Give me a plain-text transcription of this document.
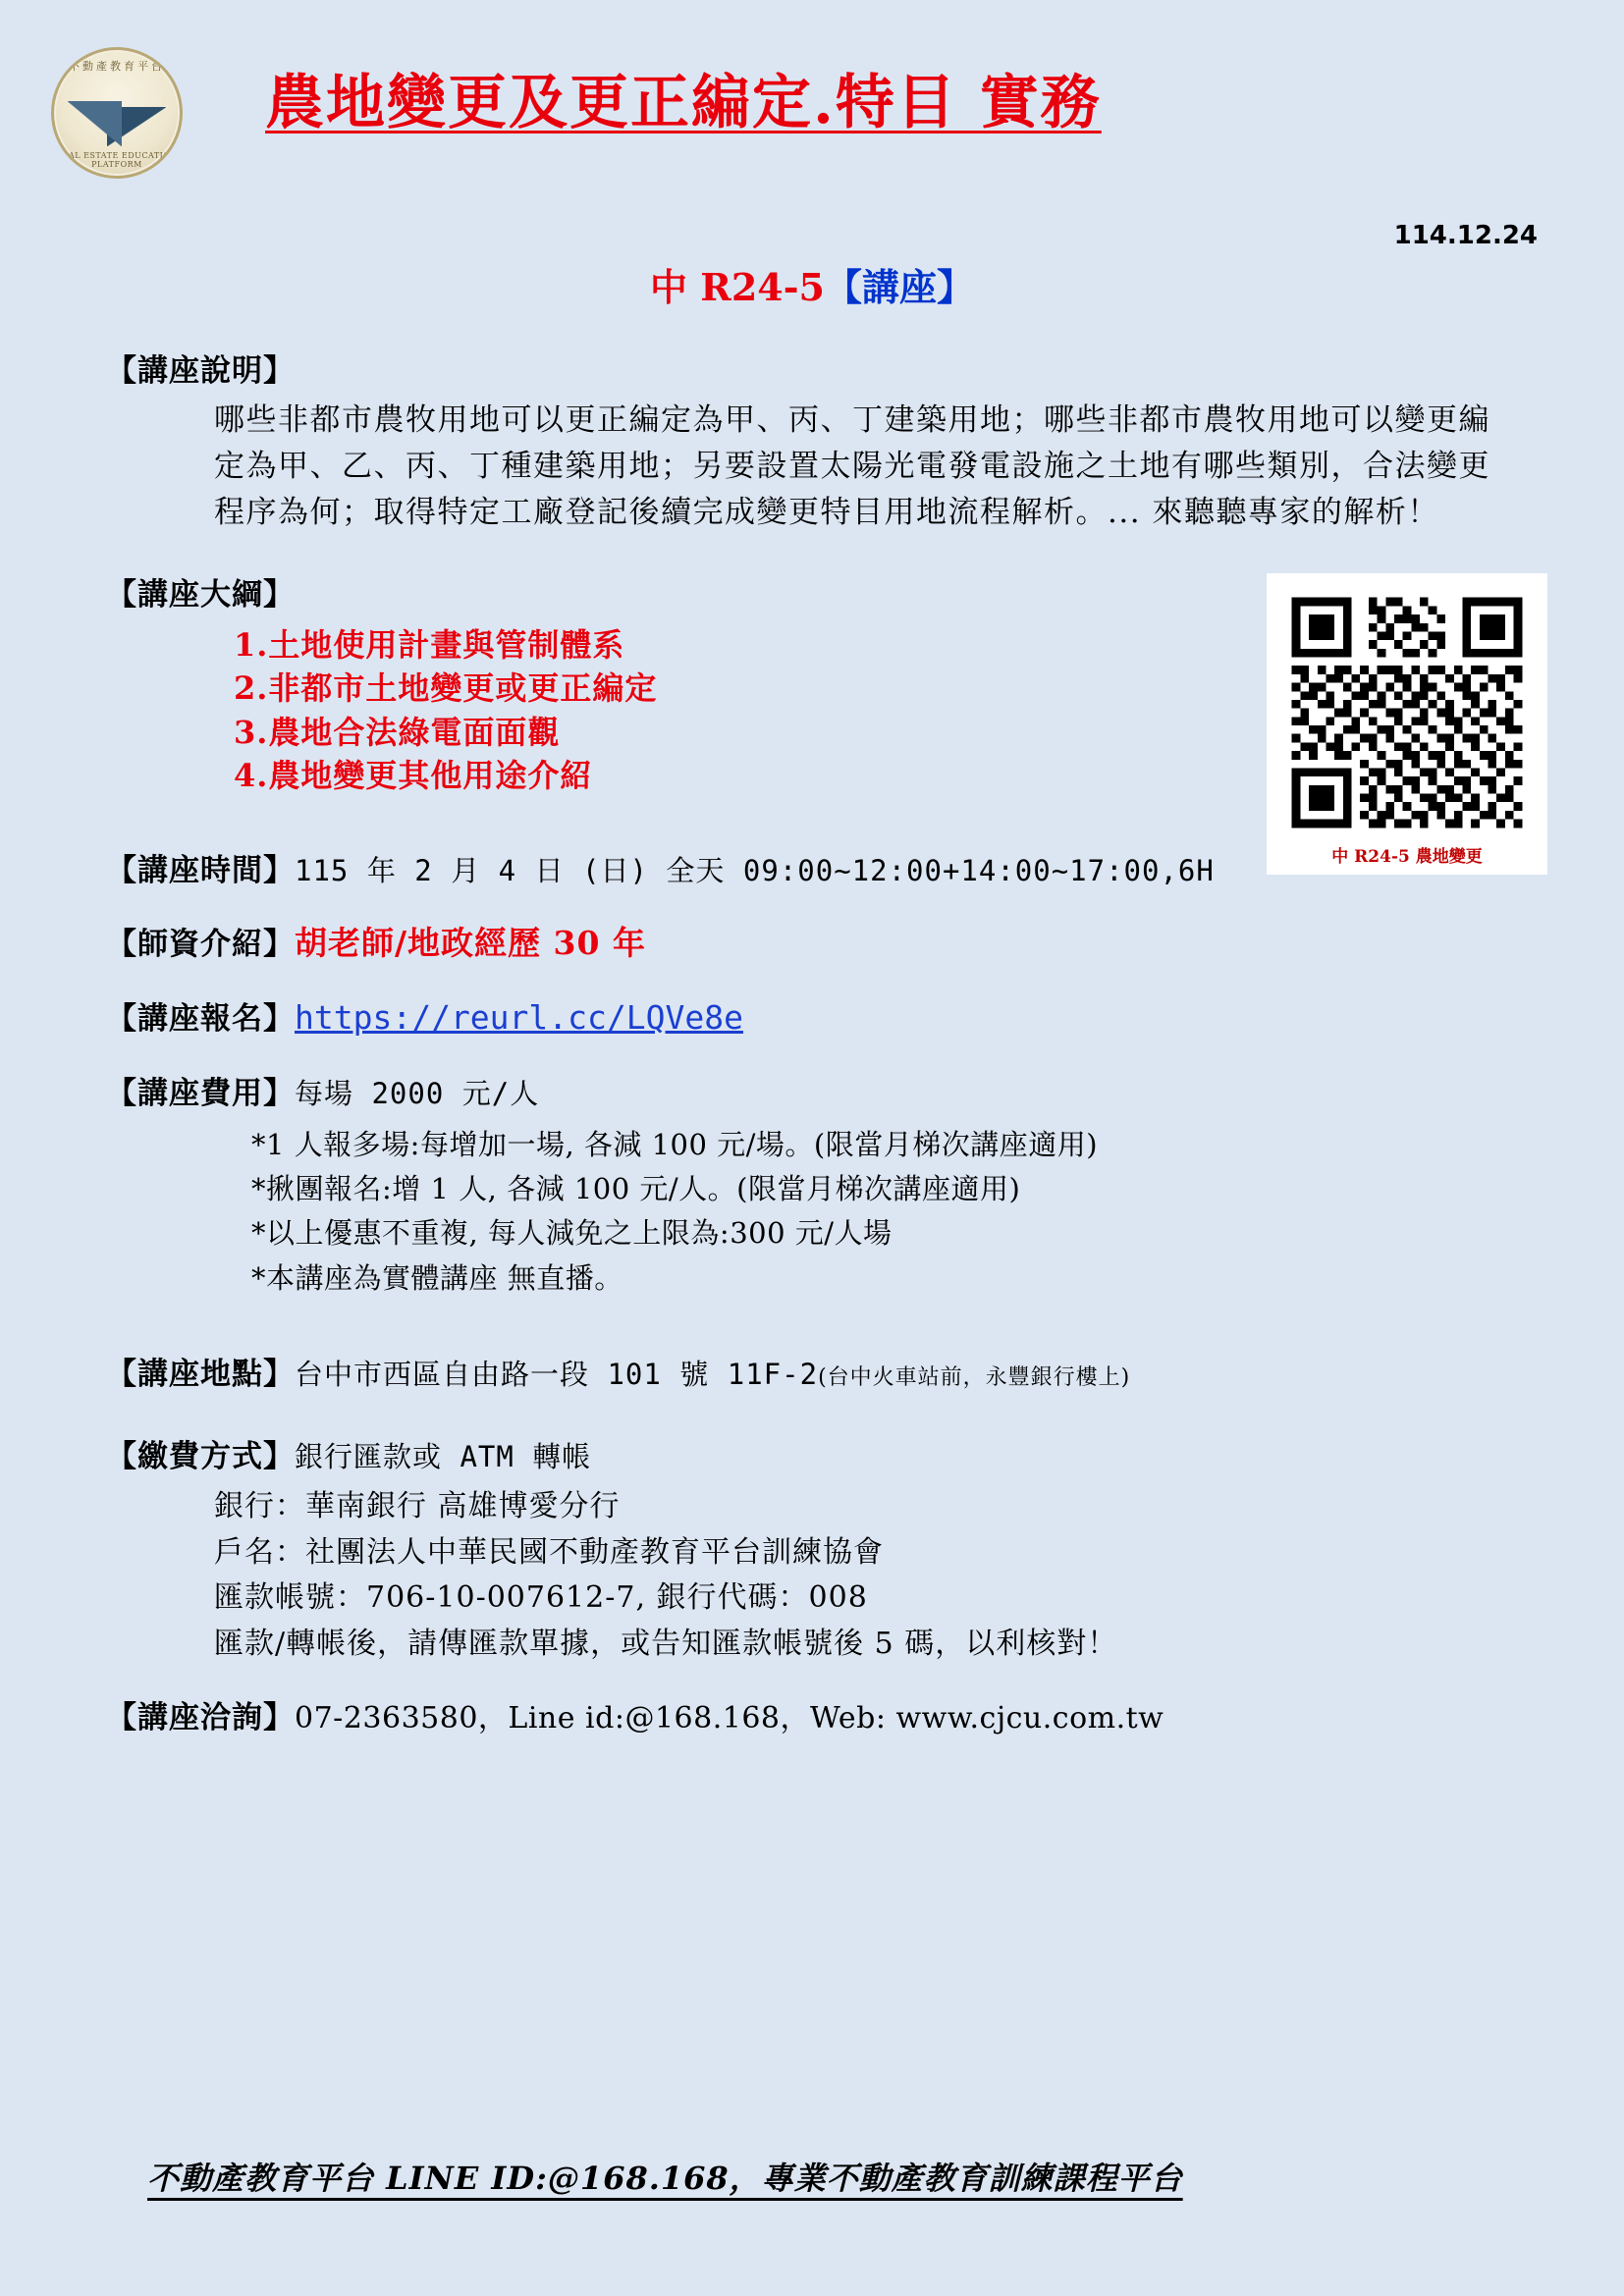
不動產教育平台
REAL ESTATE EDUCATION PLATFORM
農地變更及更正編定.特目 實務
114.12.24
中 R24-5【講座】
【講座說明】
哪些非都市農牧用地可以更正編定為甲、丙、丁建築用地；哪些非都市農牧用地可以變更編定為甲、乙、丙、丁種建築用地；另要設置太陽光電發電設施之土地有哪些類別，合法變更程序為何；取得特定工廠登記後續完成變更特目用地流程解析。... 來聽聽專家的解析！
【講座大綱】
1.土地使用計畫與管制體系
2.非都市土地變更或更正編定
3.農地合法綠電面面觀
4.農地變更其他用途介紹
中 R24-5 農地變更
【講座時間】115 年 2 月 4 日 (日) 全天 09:00~12:00+14:00~17:00,6H
【師資介紹】胡老師/地政經歷 30 年
【講座報名】https://reurl.cc/LQVe8e
【講座費用】每場 2000 元/人
*1 人報多場:每增加一場, 各減 100 元/場。(限當月梯次講座適用)
*揪團報名:增 1 人, 各減 100 元/人。(限當月梯次講座適用)
*以上優惠不重複, 每人減免之上限為:300 元/人場
*本講座為實體講座 無直播。
【講座地點】台中市西區自由路一段 101 號 11F-2(台中火車站前，永豐銀行樓上)
【繳費方式】銀行匯款或 ATM 轉帳
銀行：華南銀行 高雄博愛分行
戶名：社團法人中華民國不動產教育平台訓練協會
匯款帳號：706-10-007612-7, 銀行代碼：008
匯款/轉帳後，請傳匯款單據，或告知匯款帳號後 5 碼，以利核對！
【講座洽詢】07-2363580，Line id:@168.168，Web: www.cjcu.com.tw
不動產教育平台 LINE ID:@168.168，專業不動產教育訓練課程平台
